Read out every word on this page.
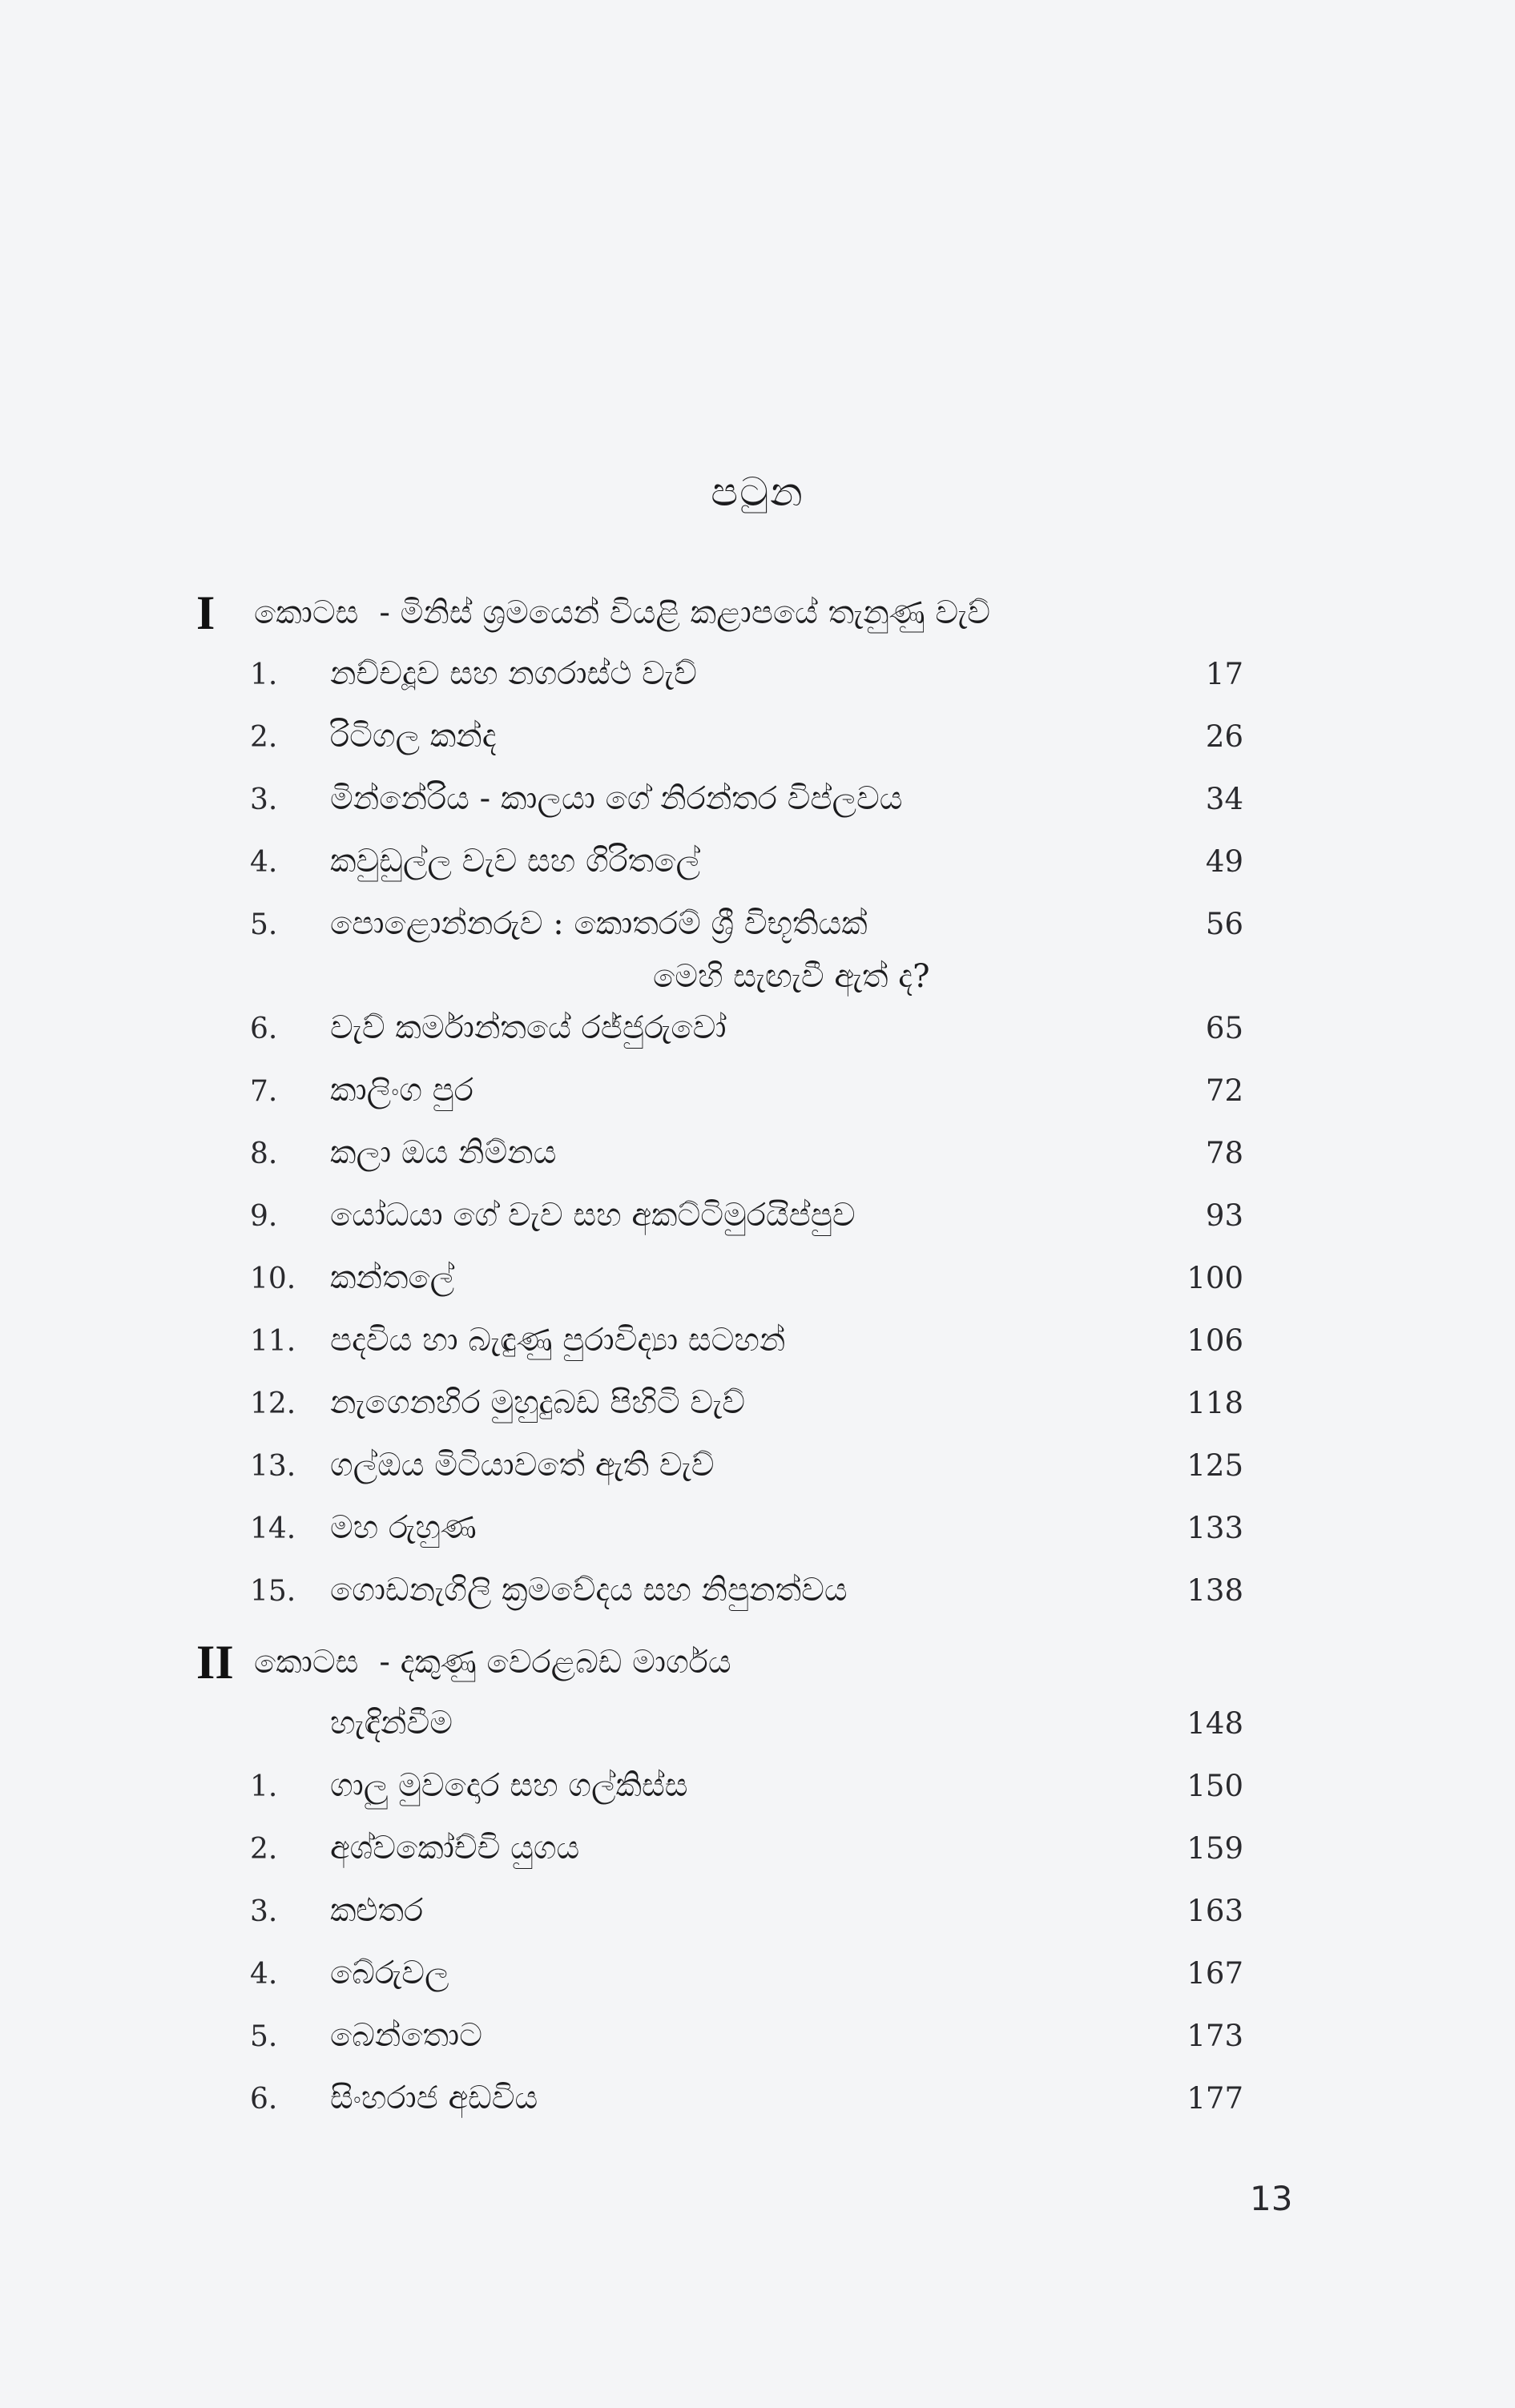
පටුන
I	කොටස - මිනිස් ශ්‍රමයෙන් වියළි කළාපයේ තැනුණු වැව්
1.	නච්චදූව සහ නගරාස්ථ වැව්	17
2.	රිටිගල කන්ද	26
3.	මින්නේරිය - කාලයා ගේ නිරන්තර විප්ලවය	34
4.	කවුඩුල්ල වැව සහ ගිරිතලේ	49
5.	පොළොන්නරුව : කොතරම් ශ්‍රී විභූතියක්	56
මෙහි සැඟැවී ඇත් ද?
6.	වැව් කර්මාන්තයේ රජ්ජුරුවෝ	65
7.	කාලිංග පුර	72
8.	කලා ඔය නිම්නය	78
9.	යෝධයා ගේ වැව සහ අකට්ටිමුරයිප්පුව	93
10.	කන්තලේ	100
11.	පදවිය හා බැඳුණු පුරාවිද්‍යා සටහන්	106
12.	නැගෙනහිර මුහුදුබඩ පිහිටි වැව්	118
13.	ගල්ඔය මිටියාවතේ ඇති වැව්	125
14.	මහ රුහුණ	133
15.	ගොඩනැගිලි ක්‍රමවේදය සහ නිපුනත්වය	138
II කොටස - දකුණු වෙරළබඩ මාර්ගය
හැඳින්වීම	148
1.	ගාලු මුවදොර සහ ගල්කිස්ස	150
2.	අශ්වකෝච්චි යුගය	159
3.	කළුතර	163
4.	බේරුවල	167
5.	බෙන්තොට	173
6.	සිංහරාජ අඩවිය	177
13
